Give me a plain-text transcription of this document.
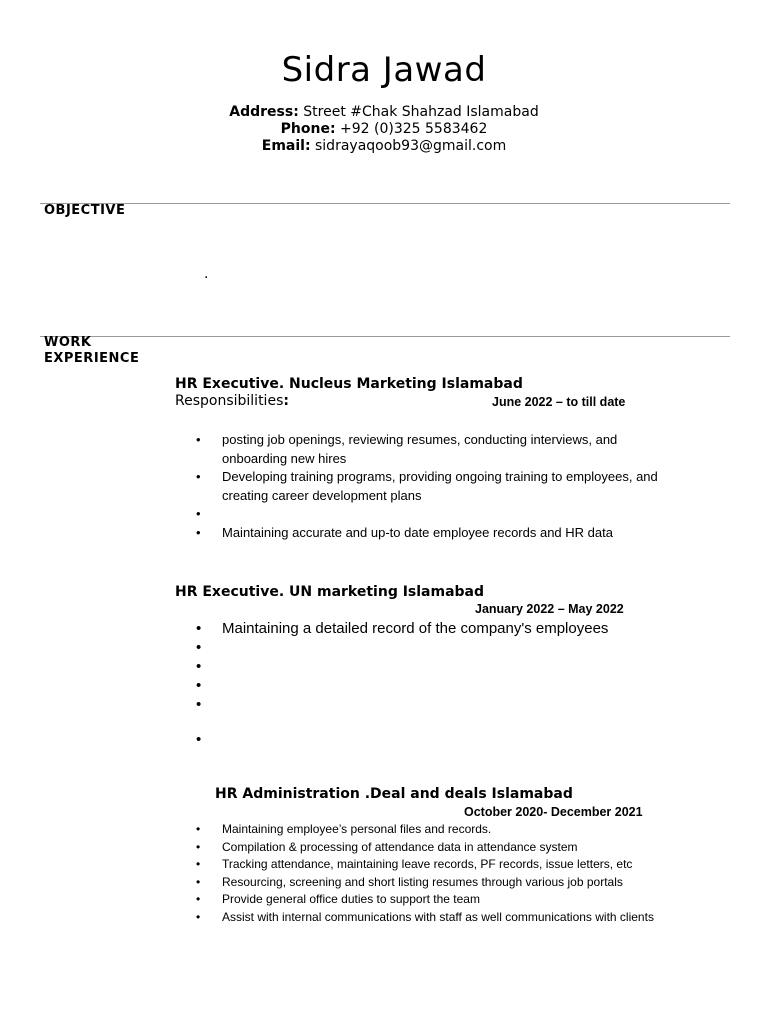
Sidra Jawad
Address: Street #Chak Shahzad Islamabad
Phone: +92 (0)325 5583462
Email: sidrayaqoob93@gmail.com
OBJECTIVE
.
WORK
EXPERIENCE
HR Executive. Nucleus Marketing Islamabad
Responsibilities:	June 2022 – to till date
• posting job openings, reviewing resumes, conducting interviews, and onboarding new hires
• Developing training programs, providing ongoing training to employees, and creating career development plans
•
• Maintaining accurate and up-to date employee records and HR data
HR Executive. UN marketing Islamabad
January 2022 – May 2022
• Maintaining a detailed record of the company's employees
•
•
•
•
•
HR Administration .Deal and deals Islamabad
October 2020- December 2021
• Maintaining employee’s personal files and records.
• Compilation & processing of attendance data in attendance system
• Tracking attendance, maintaining leave records, PF records, issue letters, etc
• Resourcing, screening and short listing resumes through various job portals
• Provide general office duties to support the team
• Assist with internal communications with staff as well communications with clients
